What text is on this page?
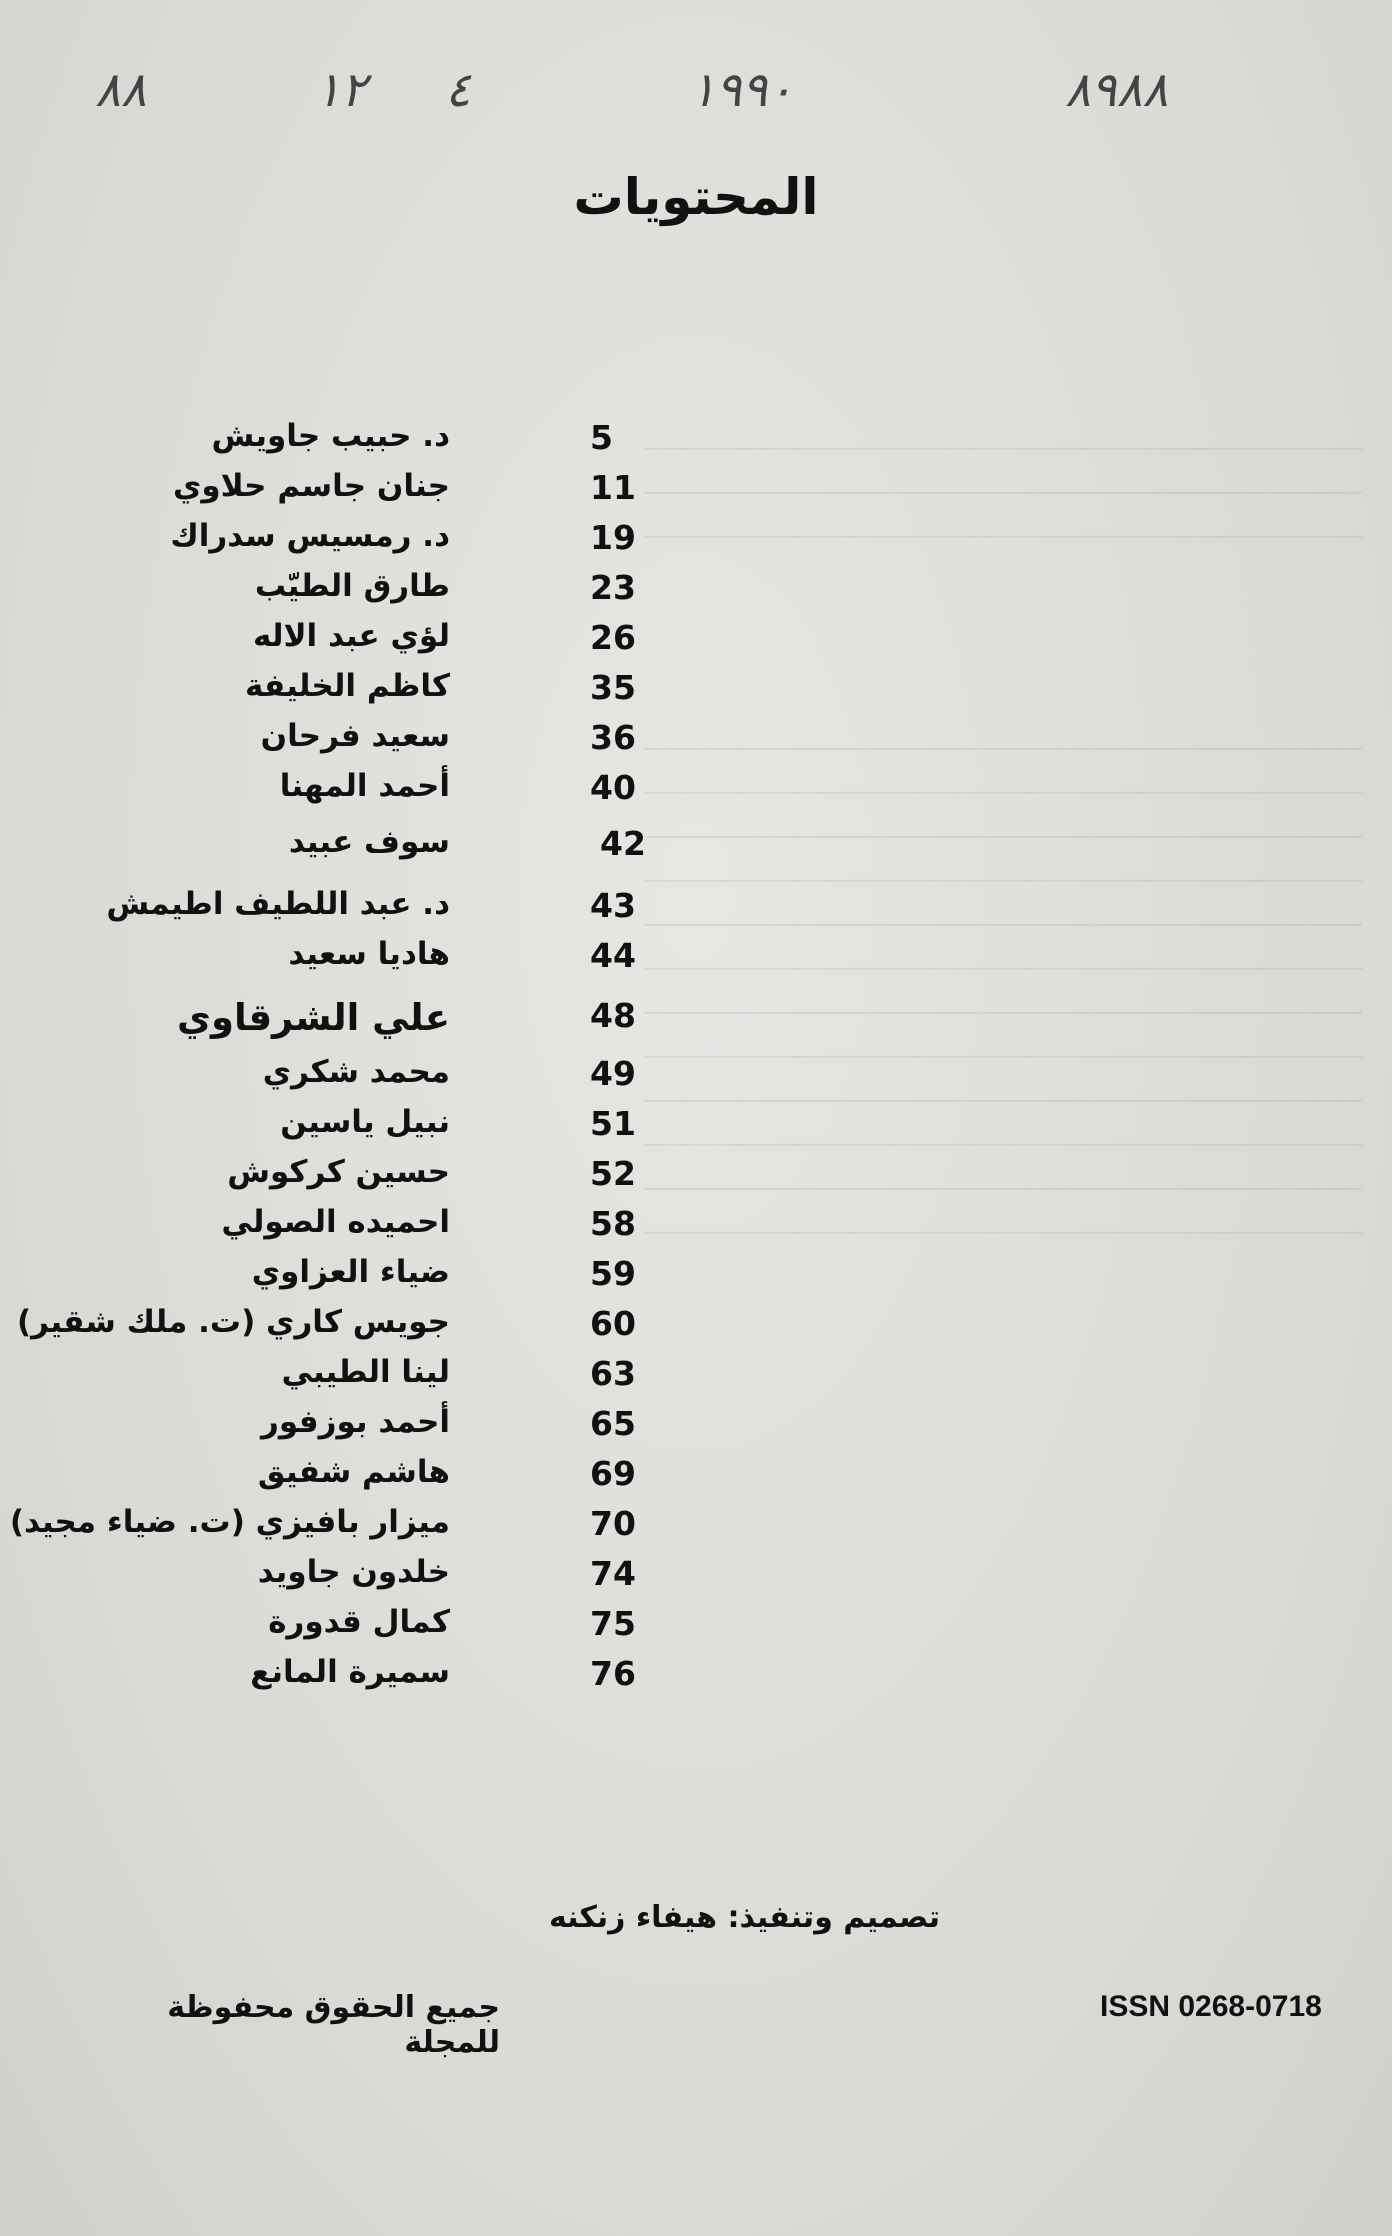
ــــــــــــــــــــــــــــــــــــــــــــــــــــــــــــــــــــــــــــــــــــــــــــــــــــــ
ــــــــــــــــــــــــــــــــــــــــــــــــــــــــــــــــــــــــــــــــــــــــــــــــــــــ
ــــــــــــــــــــــــــــــــــــــــــــــــــــــــــــــــــــــــــــــــــــــــــــــــــــــ
ــــــــــــــــــــــــــــــــــــــــــــــــــــــــــــــــــــــــــــــــــــــــــــــــــــــ
ــــــــــــــــــــــــــــــــــــــــــــــــــــــــــــــــــــــــــــــــــــــــــــــــــــــ
ــــــــــــــــــــــــــــــــــــــــــــــــــــــــــــــــــــــــــــــــــــــــــــــــــــــ
ــــــــــــــــــــــــــــــــــــــــــــــــــــــــــــــــــــــــــــــــــــــــــــــــــــــ
ــــــــــــــــــــــــــــــــــــــــــــــــــــــــــــــــــــــــــــــــــــــــــــــــــــــ
ــــــــــــــــــــــــــــــــــــــــــــــــــــــــــــــــــــــــــــــــــــــــــــــــــــــ
ــــــــــــــــــــــــــــــــــــــــــــــــــــــــــــــــــــــــــــــــــــــــــــــــــــــ
ــــــــــــــــــــــــــــــــــــــــــــــــــــــــــــــــــــــــــــــــــــــــــــــــــــــ
ــــــــــــــــــــــــــــــــــــــــــــــــــــــــــــــــــــــــــــــــــــــــــــــــــــــ
ــــــــــــــــــــــــــــــــــــــــــــــــــــــــــــــــــــــــــــــــــــــــــــــــــــــ
ــــــــــــــــــــــــــــــــــــــــــــــــــــــــــــــــــــــــــــــــــــــــــــــــــــــ
ــــــــــــــــــــــــــــــــــــــــــــــــــــــــــــــــــــــــــــــــــــــــــــــــــــــ
٨٩٨٨
١٩٩٠
٤
١٢
٨٨
المحتويات
5
د. حبيب جاويش
11
جنان جاسم حلاوي
19
د. رمسيس سدراك
23
طارق الطيّب
26
لؤي عبد الاله
35
كاظم الخليفة
36
سعيد فرحان
40
أحمد المهنا
42
سوف عبيد
43
د. عبد اللطيف اطيمش
44
هاديا سعيد
48
علي الشرقاوي
49
محمد شكري
51
نبيل ياسين
52
حسين كركوش
58
احميده الصولي
59
ضياء العزاوي
60
جويس كاري (ت. ملك شقير)
63
لينا الطيبي
65
أحمد بوزفور
69
هاشم شفيق
70
ميزار بافيزي (ت. ضياء مجيد)
74
خلدون جاويد
75
كمال قدورة
76
سميرة المانع
تصميم وتنفيذ: هيفاء زنكنه
جميع الحقوق محفوظة للمجلة
ISSN 0268-0718
